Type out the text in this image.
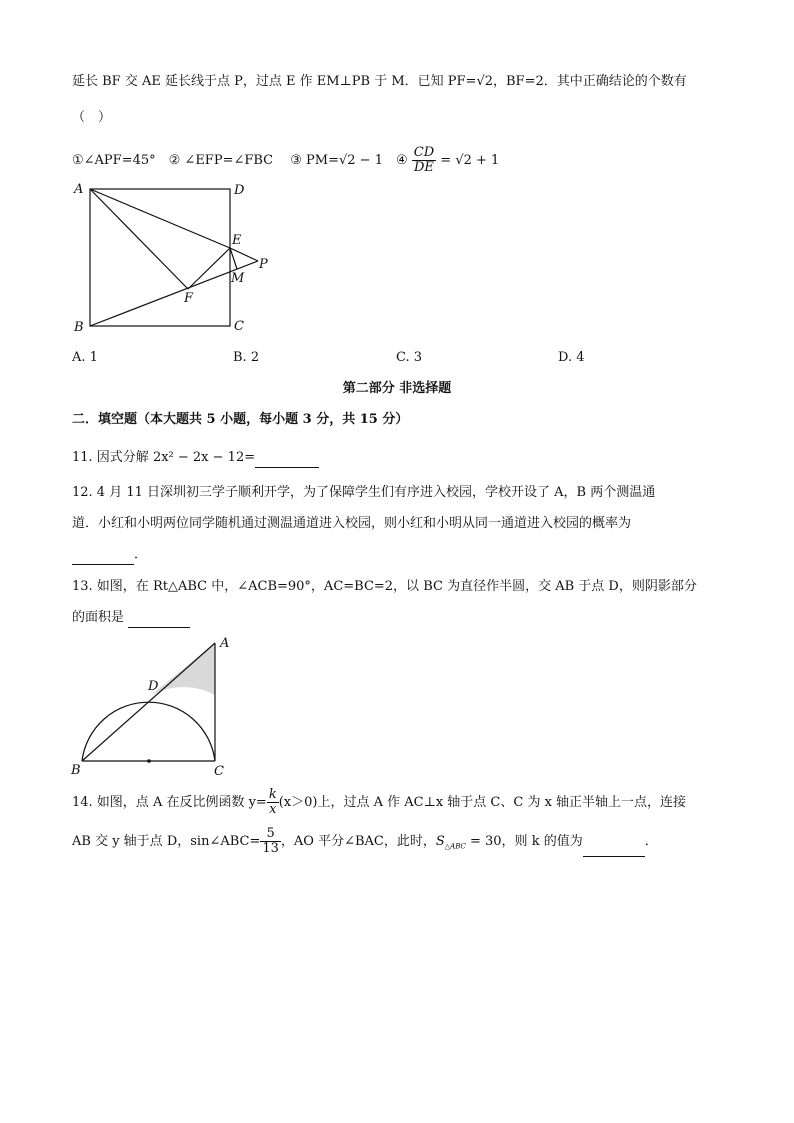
延长 BF 交 AE 延长线于点 P，过点 E 作 EM⊥PB 于 M．已知 PF=√2，BF=2．其中正确结论的个数有
（　）
①∠APF=45°　② ∠EFP=∠FBC　 ③ PM=√2 − 1　④ $\frac{CD}{DE} = √2 + 1$
A	D
E
P
M
F
B	C
A. 1	B. 2	C. 3	D. 4
第二部分 非选择题
二．填空题（本大题共 5 小题，每小题 3 分，共 15 分）
11. 因式分解 2x² − 2x − 12=
12. 4 月 11 日深圳初三学子顺利开学，为了保障学生们有序进入校园，学校开设了 A，B 两个测温通
道．小红和小明两位同学随机通过测温通道进入校园，则小红和小明从同一通道进入校园的概率为
．
13. 如图，在 Rt△ABC 中，∠ACB=90°，AC=BC=2，以 BC 为直径作半圆，交 AB 于点 D，则阴影部分
的面积是
A
D
B	C
14. 如图，点 A 在反比例函数 $y= \frac{k}{x} (x>0)$上，过点 A 作 AC⊥x 轴于点 C、C 为 x 轴正半轴上一点，连接
AB 交 y 轴于点 D，sin∠ABC= $\frac{5}{13}$ ，AO 平分∠BAC，此时，$S_{\triangle ABC} = 30$，则 k 的值为	．
